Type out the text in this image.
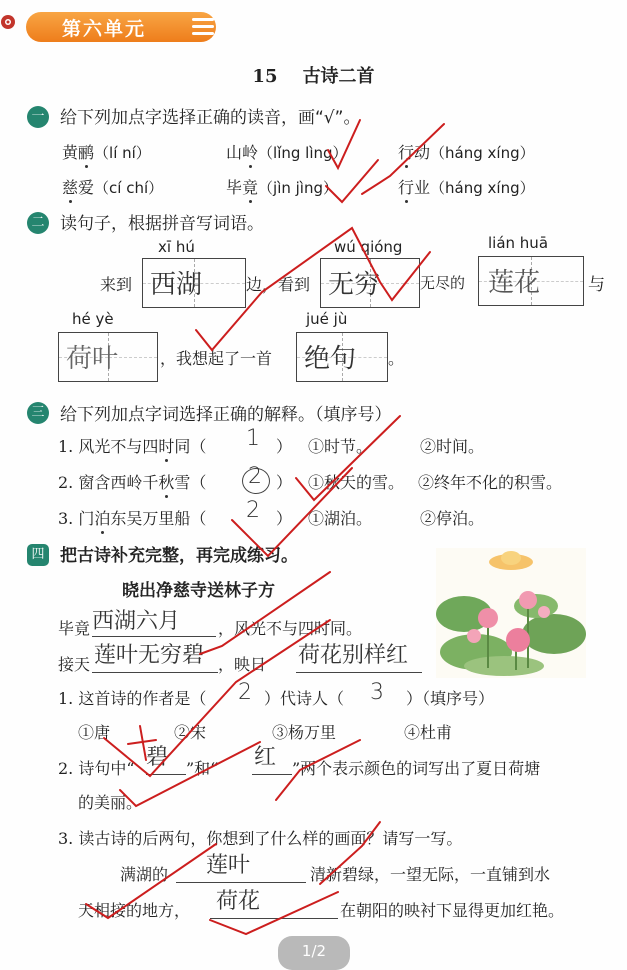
第六单元
15 古诗二首
一 给下列加点字选择正确的读音，画“√”。
黄鹂（lí ní）	山岭（lǐng lìng）	行动（háng xíng）
慈爱（cí chí）	毕竟（jìn jìng）	行业（háng xíng）
二 读句子，根据拼音写词语。
xī hú	wú qióng	lián huā
hé yè	jué jù
来到 西湖	边，看到 无穷	无尽的 莲花	与
荷叶	，我想起了一首 绝句 。
三 给下列加点字词选择正确的解释。（填序号）
1. 风光不与四时同（ 1 ） ①时节。	②时间。
2. 窗含西岭千秋雪（ 2 ） ①秋天的雪。 ②终年不化的积雪。
3. 门泊东吴万里船（ 2 ） ①湖泊。	②停泊。
四 把古诗补充完整，再完成练习。
晓出净慈寺送林子方
毕竟 西湖六月 ，风光不与四时同。
接天 莲叶无穷碧 ，映日 荷花别样红
1. 这首诗的作者是（ 2 ）代诗人（ 3 ）（填序号）
①唐	②宋	③杨万里	④杜甫
2. 诗句中“ 碧 ”和“ 红 ”两个表示颜色的词写出了夏日荷塘
的美丽。
3. 读古诗的后两句，你想到了什么样的画面？请写一写。
满湖的 莲叶	清新碧绿，一望无际，一直铺到水
天相接的地方， 荷花	在朝阳的映衬下显得更加红艳。
1/2
